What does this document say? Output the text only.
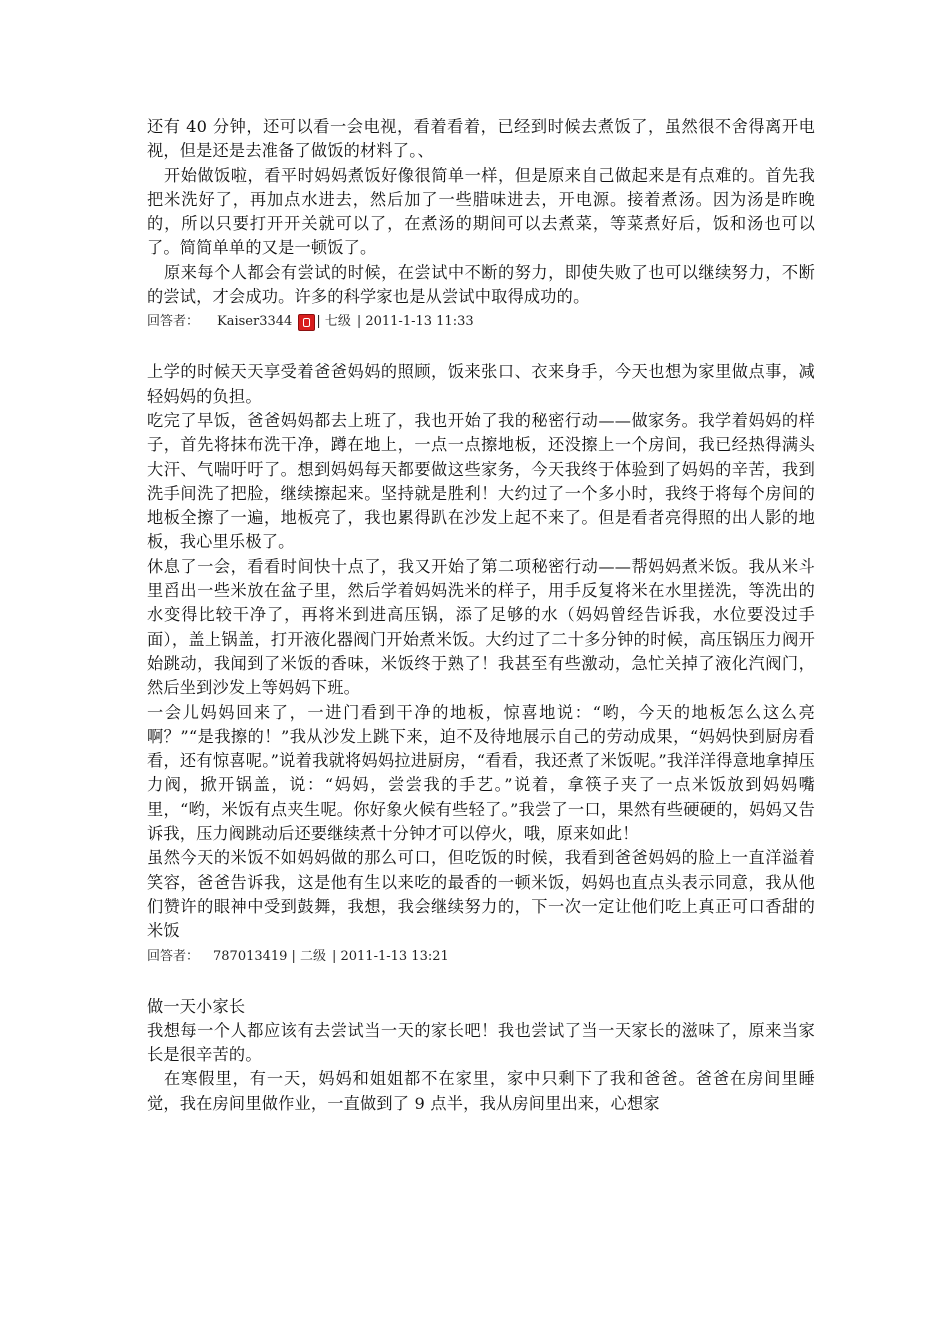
还有 40 分钟，还可以看一会电视，看着看着，已经到时候去煮饭了，虽然很不舍得离开电视，但是还是去准备了做饭的材料了。、

开始做饭啦，看平时妈妈煮饭好像很简单一样，但是原来自己做起来是有点难的。首先我把米洗好了，再加点水进去，然后加了一些腊味进去，开电源。接着煮汤。因为汤是昨晚的，所以只要打开开关就可以了，在煮汤的期间可以去煮菜，等菜煮好后，饭和汤也可以了。简简单单的又是一顿饭了。

原来每个人都会有尝试的时候，在尝试中不断的努力，即使失败了也可以继续努力，不断的尝试，才会成功。许多的科学家也是从尝试中取得成功的。

回答者： Kaiser3344 | 七级 | 2011-1-13 11:33

上学的时候天天享受着爸爸妈妈的照顾，饭来张口、衣来身手，今天也想为家里做点事，减轻妈妈的负担。

吃完了早饭，爸爸妈妈都去上班了，我也开始了我的秘密行动——做家务。我学着妈妈的样子，首先将抹布洗干净，蹲在地上，一点一点擦地板，还没擦上一个房间，我已经热得满头大汗、气喘吁吁了。想到妈妈每天都要做这些家务，今天我终于体验到了妈妈的辛苦，我到洗手间洗了把脸，继续擦起来。坚持就是胜利！大约过了一个多小时，我终于将每个房间的地板全擦了一遍，地板亮了，我也累得趴在沙发上起不来了。但是看者亮得照的出人影的地板，我心里乐极了。

休息了一会，看看时间快十点了，我又开始了第二项秘密行动——帮妈妈煮米饭。我从米斗里舀出一些米放在盆子里，然后学着妈妈洗米的样子，用手反复将米在水里搓洗，等洗出的水变得比较干净了，再将米到进高压锅，添了足够的水（妈妈曾经告诉我，水位要没过手面），盖上锅盖，打开液化器阀门开始煮米饭。大约过了二十多分钟的时候，高压锅压力阀开始跳动，我闻到了米饭的香味，米饭终于熟了！我甚至有些激动，急忙关掉了液化汽阀门，然后坐到沙发上等妈妈下班。

一会儿妈妈回来了，一进门看到干净的地板，惊喜地说：“哟，今天的地板怎么这么亮啊？”“是我擦的！”我从沙发上跳下来，迫不及待地展示自己的劳动成果，“妈妈快到厨房看看，还有惊喜呢。”说着我就将妈妈拉进厨房，“看看，我还煮了米饭呢。”我洋洋得意地拿掉压力阀，掀开锅盖，说：“妈妈，尝尝我的手艺。”说着，拿筷子夹了一点米饭放到妈妈嘴里，“哟，米饭有点夹生呢。你好象火候有些轻了。”我尝了一口，果然有些硬硬的，妈妈又告诉我，压力阀跳动后还要继续煮十分钟才可以停火，哦，原来如此！

虽然今天的米饭不如妈妈做的那么可口，但吃饭的时候，我看到爸爸妈妈的脸上一直洋溢着笑容，爸爸告诉我，这是他有生以来吃的最香的一顿米饭，妈妈也直点头表示同意，我从他们赞许的眼神中受到鼓舞，我想，我会继续努力的，下一次一定让他们吃上真正可口香甜的米饭

回答者： 787013419 | 二级 | 2011-1-13 13:21

做一天小家长

我想每一个人都应该有去尝试当一天的家长吧！我也尝试了当一天家长的滋味了，原来当家长是很辛苦的。

在寒假里，有一天，妈妈和姐姐都不在家里，家中只剩下了我和爸爸。爸爸在房间里睡觉，我在房间里做作业，一直做到了 9 点半，我从房间里出来，心想家
